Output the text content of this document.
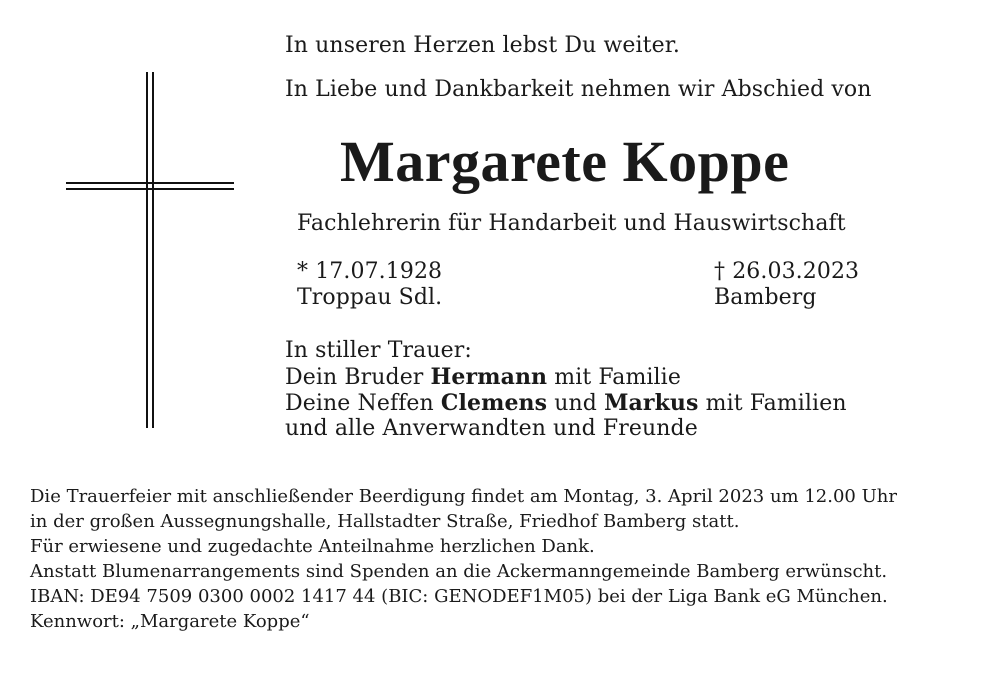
In unseren Herzen lebst Du weiter.
In Liebe und Dankbarkeit nehmen wir Abschied von
Margarete Koppe
Fachlehrerin für Handarbeit und Hauswirtschaft
* 17.07.1928
Troppau Sdl.
† 26.03.2023
Bamberg
In stiller Trauer:
Dein Bruder Hermann mit Familie
Deine Neffen Clemens und Markus mit Familien
und alle Anverwandten und Freunde
Die Trauerfeier mit anschließender Beerdigung findet am Montag, 3. April 2023 um 12.00 Uhr
in der großen Aussegnungshalle, Hallstadter Straße, Friedhof Bamberg statt.
Für erwiesene und zugedachte Anteilnahme herzlichen Dank.
Anstatt Blumenarrangements sind Spenden an die Ackermanngemeinde Bamberg erwünscht.
IBAN: DE94 7509 0300 0002 1417 44 (BIC: GENODEF1M05) bei der Liga Bank eG München.
Kennwort: „Margarete Koppe“
